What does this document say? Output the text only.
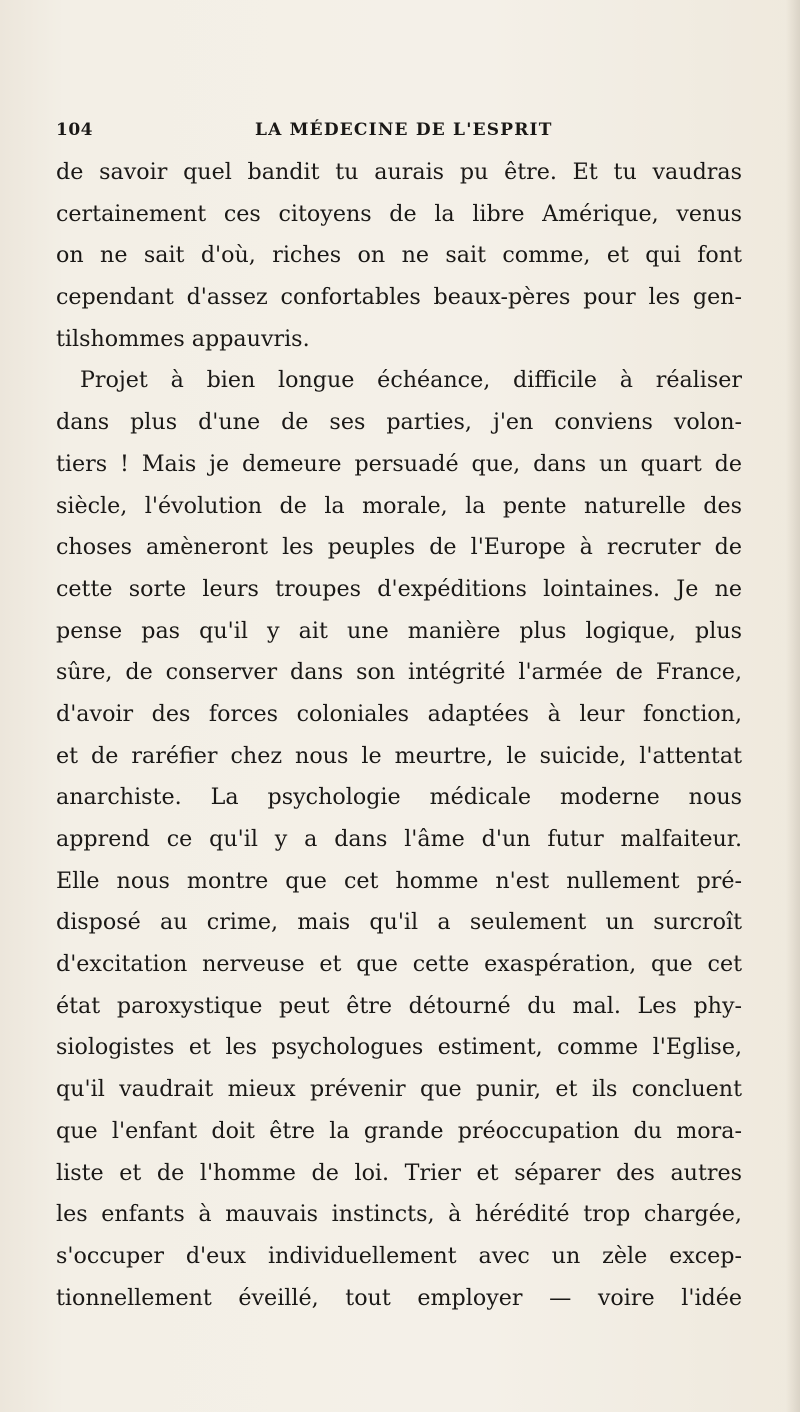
104	LA MÉDECINE DE L'ESPRIT
de savoir quel bandit tu aurais pu être. Et tu vaudras
certainement ces citoyens de la libre Amérique, venus
on ne sait d'où, riches on ne sait comme, et qui font
cependant d'assez confortables beaux-pères pour les gen-
tilshommes appauvris.
Projet à bien longue échéance, difficile à réaliser
dans plus d'une de ses parties, j'en conviens volon-
tiers ! Mais je demeure persuadé que, dans un quart de
siècle, l'évolution de la morale, la pente naturelle des
choses amèneront les peuples de l'Europe à recruter de
cette sorte leurs troupes d'expéditions lointaines. Je ne
pense pas qu'il y ait une manière plus logique, plus
sûre, de conserver dans son intégrité l'armée de France,
d'avoir des forces coloniales adaptées à leur fonction,
et de raréfier chez nous le meurtre, le suicide, l'attentat
anarchiste. La psychologie médicale moderne nous
apprend ce qu'il y a dans l'âme d'un futur malfaiteur.
Elle nous montre que cet homme n'est nullement pré-
disposé au crime, mais qu'il a seulement un surcroît
d'excitation nerveuse et que cette exaspération, que cet
état paroxystique peut être détourné du mal. Les phy-
siologistes et les psychologues estiment, comme l'Eglise,
qu'il vaudrait mieux prévenir que punir, et ils concluent
que l'enfant doit être la grande préoccupation du mora-
liste et de l'homme de loi. Trier et séparer des autres
les enfants à mauvais instincts, à hérédité trop chargée,
s'occuper d'eux individuellement avec un zèle excep-
tionnellement éveillé, tout employer — voire l'idée
